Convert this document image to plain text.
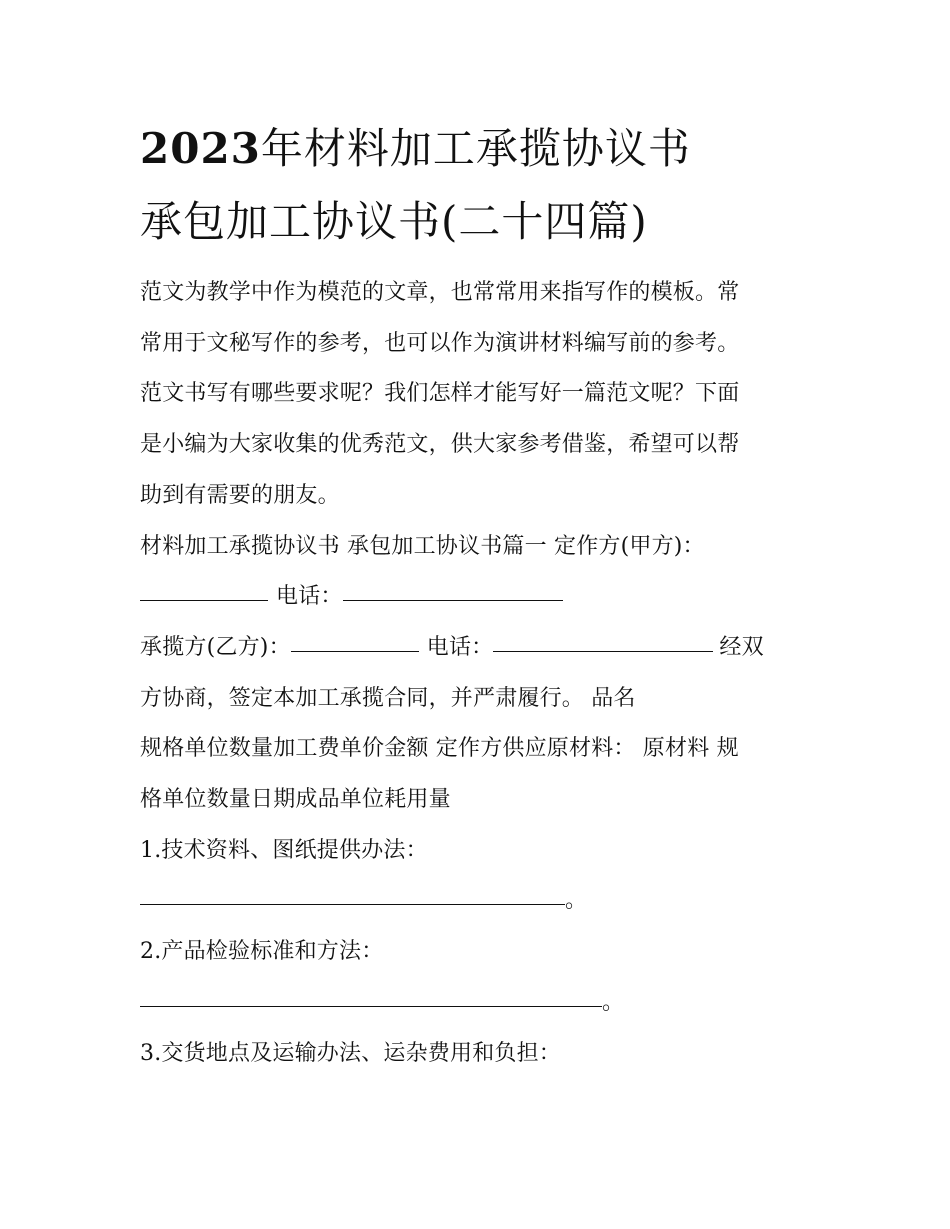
2023年材料加工承揽协议书
承包加工协议书(二十四篇)
范文为教学中作为模范的文章，也常常用来指写作的模板。常
常用于文秘写作的参考，也可以作为演讲材料编写前的参考。
范文书写有哪些要求呢？我们怎样才能写好一篇范文呢？下面
是小编为大家收集的优秀范文，供大家参考借鉴，希望可以帮
助到有需要的朋友。
材料加工承揽协议书 承包加工协议书篇一 定作方(甲方)：
电话：
承揽方(乙方)：	电话：	经双
方协商，签定本加工承揽合同，并严肃履行。 品名
规格单位数量加工费单价金额 定作方供应原材料： 原材料 规
格单位数量日期成品单位耗用量
1.技术资料、图纸提供办法：
。
2.产品检验标准和方法：
。
3.交货地点及运输办法、运杂费用和负担：
